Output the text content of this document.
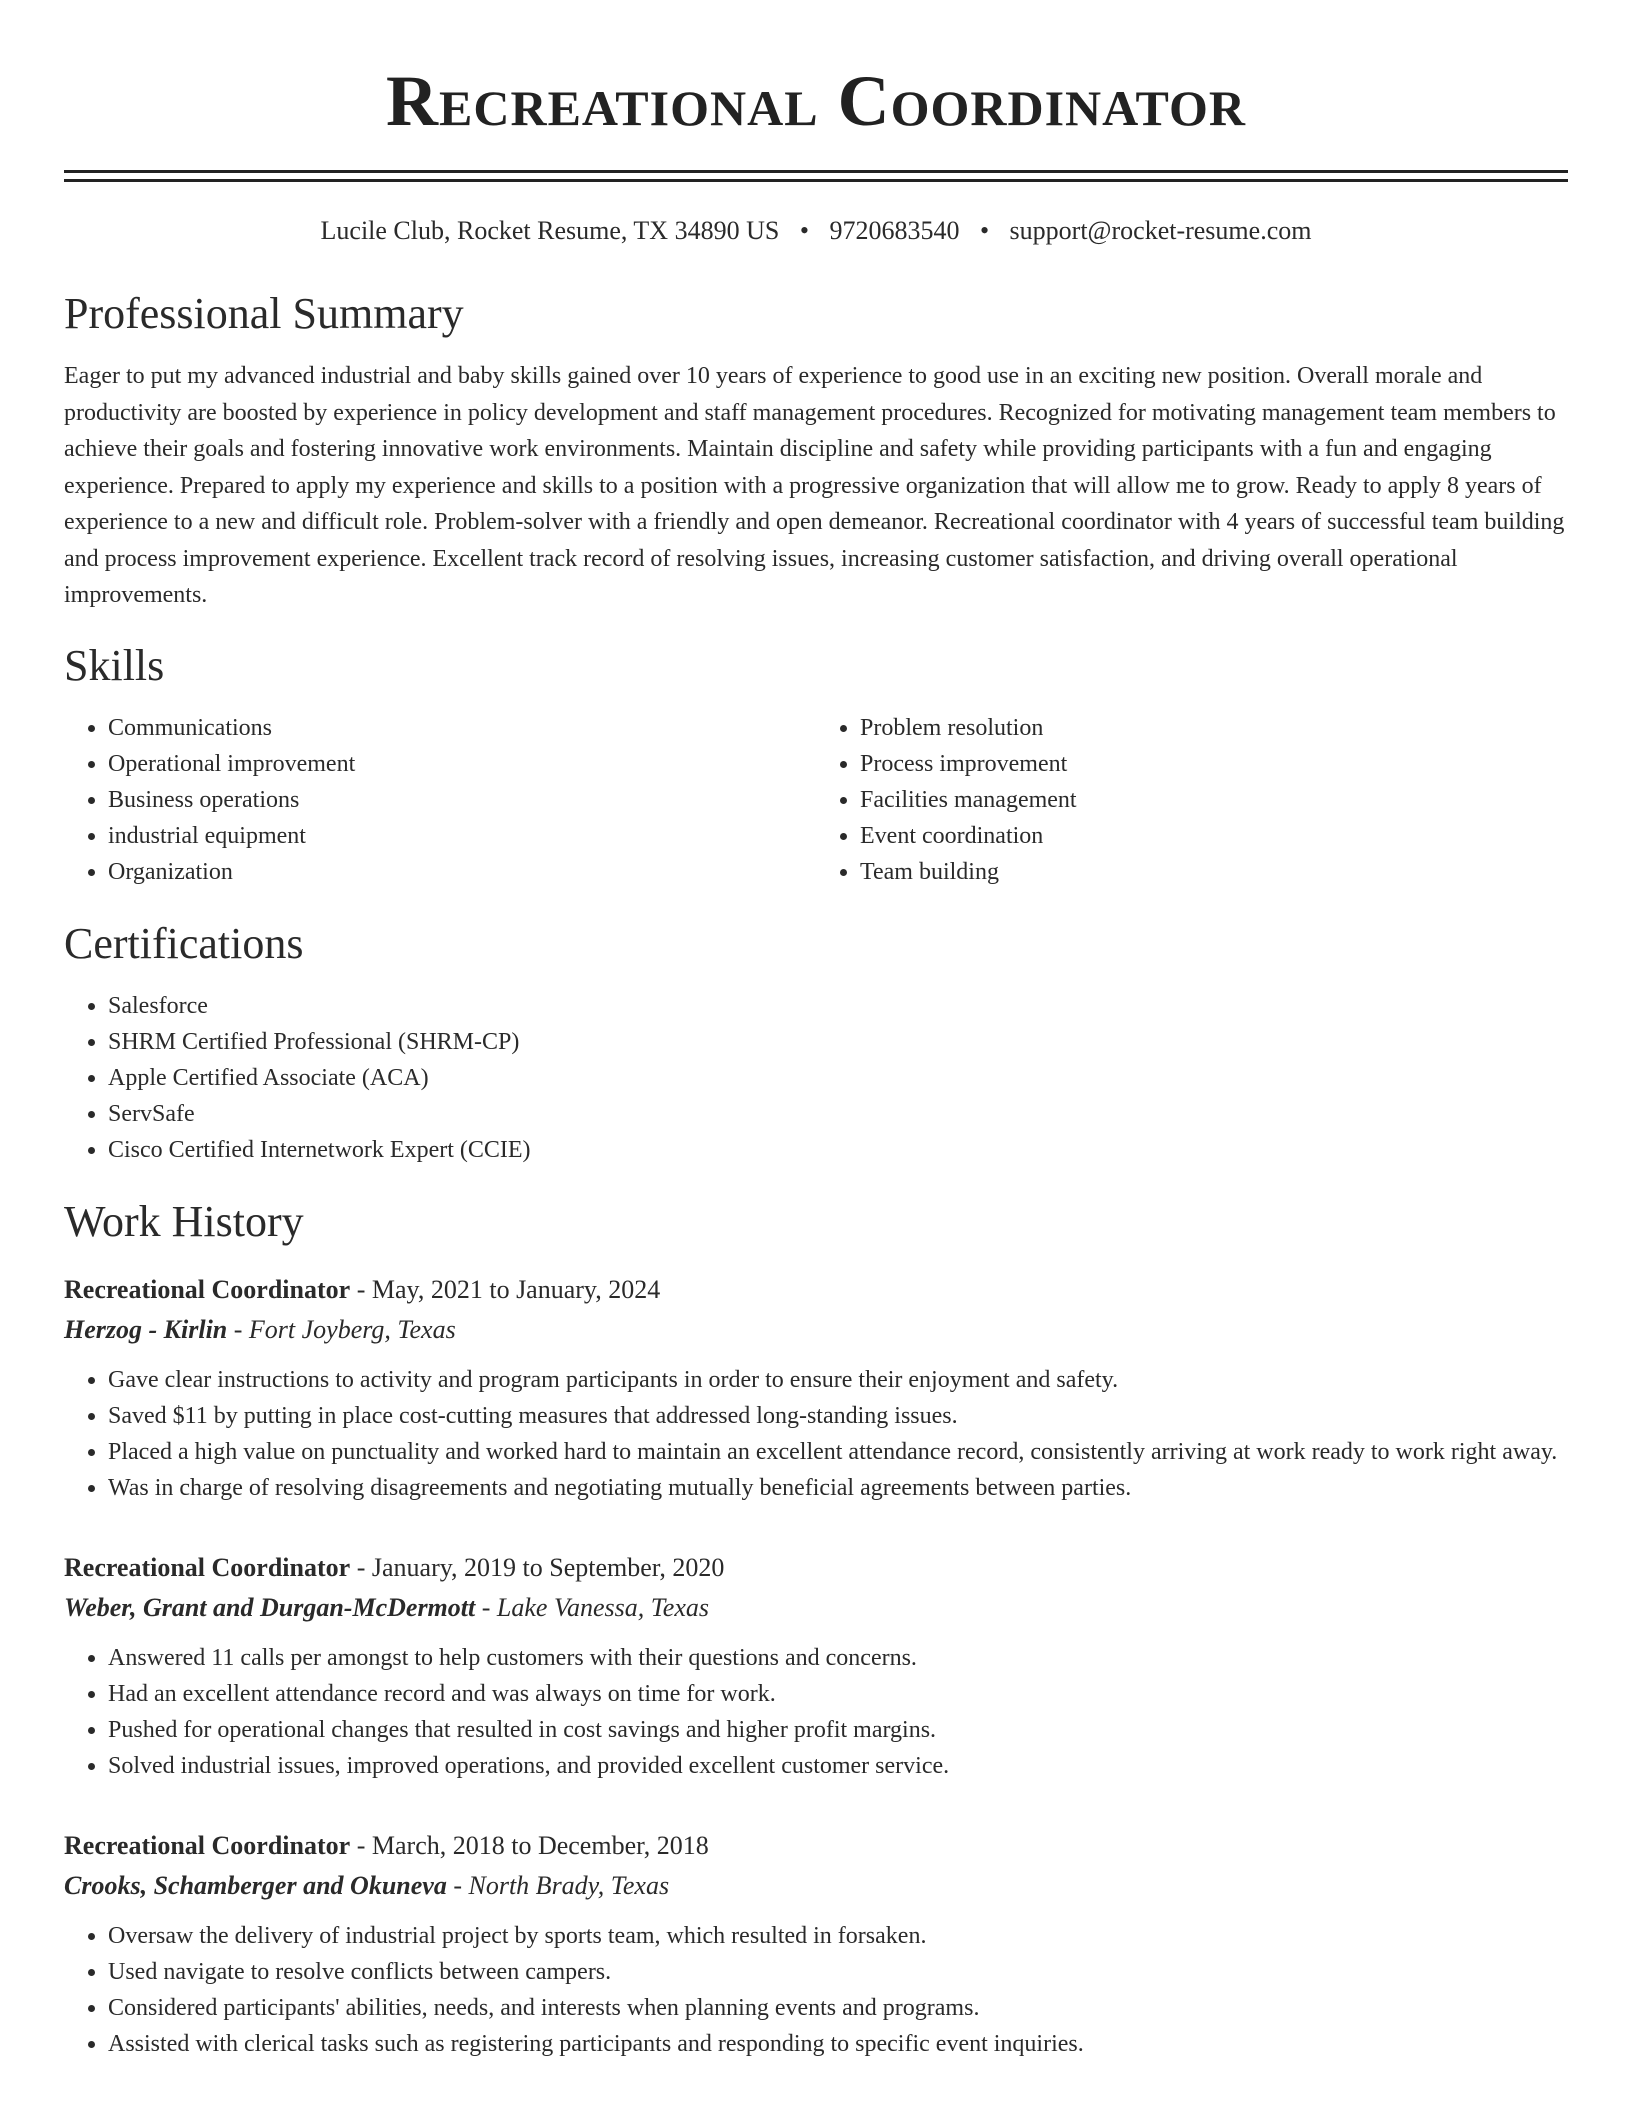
Recreational Coordinator
Lucile Club, Rocket Resume, TX 34890 US • 9720683540 • support@rocket-resume.com
Professional Summary

Eager to put my advanced industrial and baby skills gained over 10 years of experience to good use in an exciting new position. Overall morale and productivity are boosted by experience in policy development and staff management procedures. Recognized for motivating management team members to achieve their goals and fostering innovative work environments. Maintain discipline and safety while providing participants with a fun and engaging experience. Prepared to apply my experience and skills to a position with a progressive organization that will allow me to grow. Ready to apply 8 years of experience to a new and difficult role. Problem-solver with a friendly and open demeanor. Recreational coordinator with 4 years of successful team building and process improvement experience. Excellent track record of resolving issues, increasing customer satisfaction, and driving overall operational improvements.

Skills
• Communications
• Operational improvement
• Business operations
• industrial equipment
• Organization
• Problem resolution
• Process improvement
• Facilities management
• Event coordination
• Team building
Certifications
• Salesforce
• SHRM Certified Professional (SHRM-CP)
• Apple Certified Associate (ACA)
• ServSafe
• Cisco Certified Internetwork Expert (CCIE)
Work History
Recreational Coordinator - May, 2021 to January, 2024
Herzog - Kirlin - Fort Joyberg, Texas
• Gave clear instructions to activity and program participants in order to ensure their enjoyment and safety.
• Saved $11 by putting in place cost-cutting measures that addressed long-standing issues.
• Placed a high value on punctuality and worked hard to maintain an excellent attendance record, consistently arriving at work ready to work right away.
• Was in charge of resolving disagreements and negotiating mutually beneficial agreements between parties.
Recreational Coordinator - January, 2019 to September, 2020
Weber, Grant and Durgan-McDermott - Lake Vanessa, Texas
• Answered 11 calls per amongst to help customers with their questions and concerns.
• Had an excellent attendance record and was always on time for work.
• Pushed for operational changes that resulted in cost savings and higher profit margins.
• Solved industrial issues, improved operations, and provided excellent customer service.
Recreational Coordinator - March, 2018 to December, 2018
Crooks, Schamberger and Okuneva - North Brady, Texas
• Oversaw the delivery of industrial project by sports team, which resulted in forsaken.
• Used navigate to resolve conflicts between campers.
• Considered participants' abilities, needs, and interests when planning events and programs.
• Assisted with clerical tasks such as registering participants and responding to specific event inquiries.
